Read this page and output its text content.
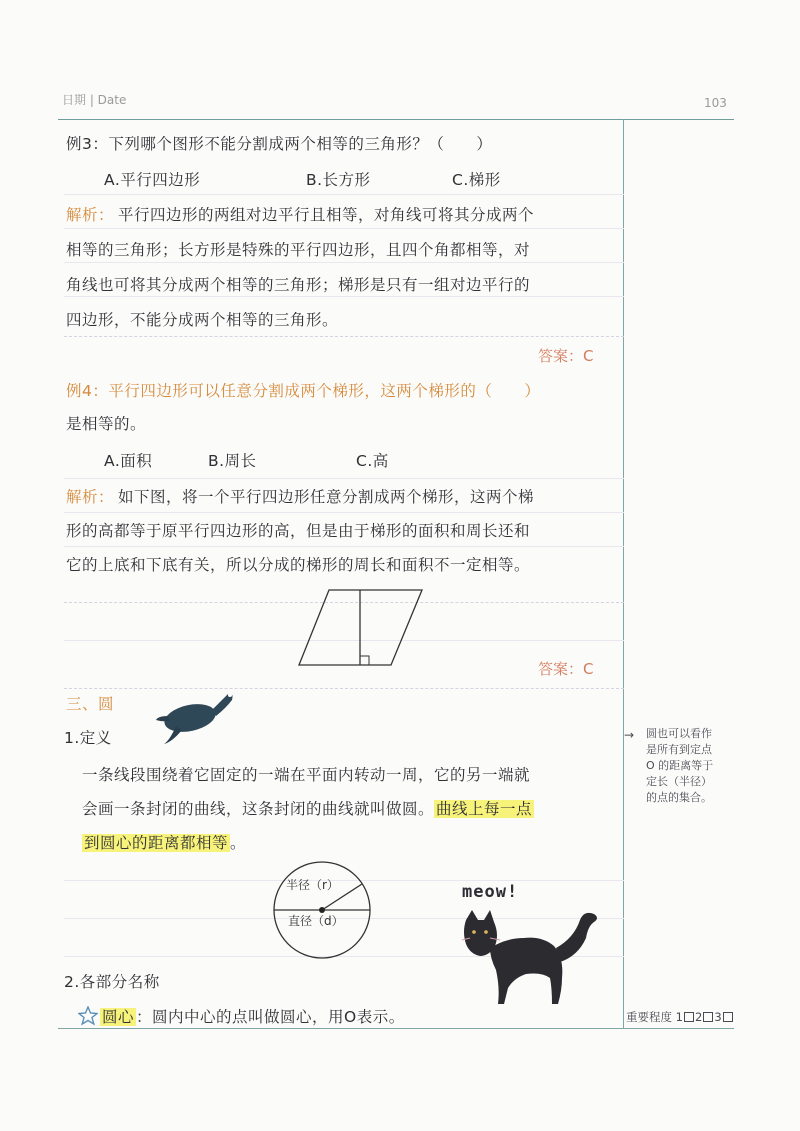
日期 | Date	103
例3：下列哪个图形不能分割成两个相等的三角形？（　　）
A.平行四边形	B.长方形	C.梯形
解析： 平行四边形的两组对边平行且相等，对角线可将其分成两个
相等的三角形；长方形是特殊的平行四边形，且四个角都相等，对
角线也可将其分成两个相等的三角形；梯形是只有一组对边平行的
四边形，不能分成两个相等的三角形。
答案：C
例4：平行四边形可以任意分割成两个梯形，这两个梯形的（　　）
是相等的。
A.面积	B.周长	C.高
解析： 如下图，将一个平行四边形任意分割成两个梯形，这两个梯
形的高都等于原平行四边形的高，但是由于梯形的面积和周长还和
它的上底和下底有关，所以分成的梯形的周长和面积不一定相等。
答案：C
三、圆
1.定义
一条线段围绕着它固定的一端在平面内转动一周，它的另一端就
会画一条封闭的曲线，这条封闭的曲线就叫做圆。 曲线上每一点
到圆心的距离都相等 。
半径（r）
直径（d）
meow!
2.各部分名称
圆心 ：圆内中心的点叫做圆心，用O表示。
→ 圆也可以看作
是所有到定点
O 的距离等于
定长（半径）
的点的集合。
重要程度 1 2 3
